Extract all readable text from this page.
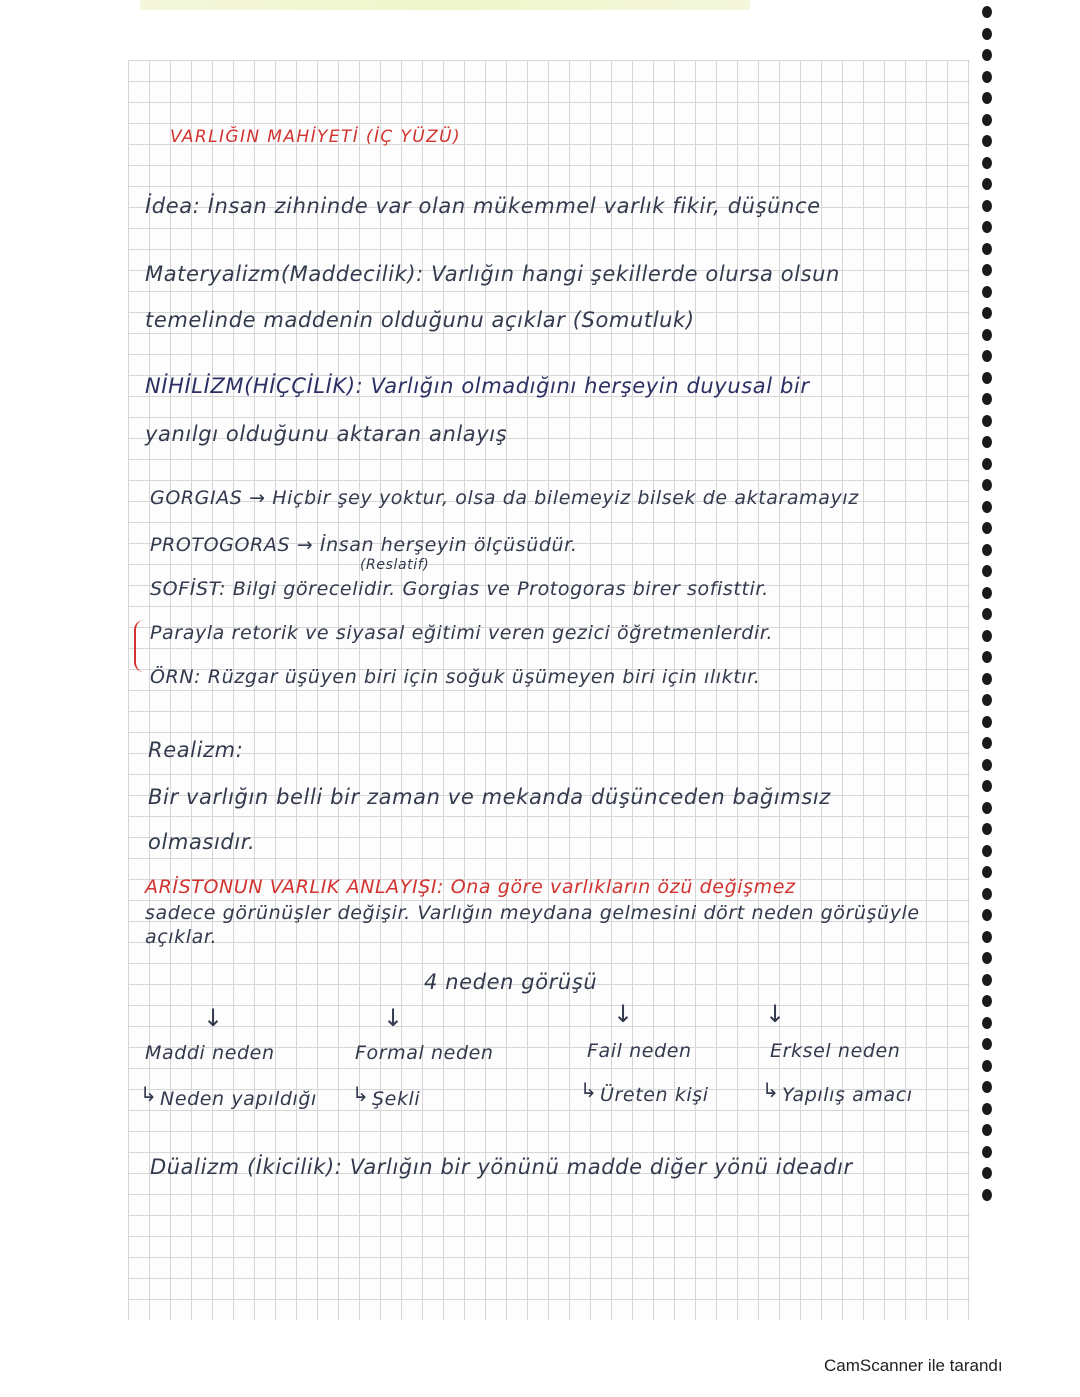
VARLIĞIN MAHİYETİ (İÇ YÜZÜ)
İdea: İnsan zihninde var olan mükemmel varlık fikir, düşünce
Materyalizm(Maddecilik): Varlığın hangi şekillerde olursa olsun
temelinde maddenin olduğunu açıklar (Somutluk)
NİHİLİZM(HİÇÇİLİK): Varlığın olmadığını herşeyin duyusal bir
yanılgı olduğunu aktaran anlayış
GORGIAS → Hiçbir şey yoktur, olsa da bilemeyiz bilsek de aktaramayız
PROTOGORAS → İnsan herşeyin ölçüsüdür.
(Reslatif)
SOFİST: Bilgi görecelidir. Gorgias ve Protogoras birer sofisttir.
Parayla retorik ve siyasal eğitimi veren gezici öğretmenlerdir.
ÖRN: Rüzgar üşüyen biri için soğuk üşümeyen biri için ılıktır.
Realizm:
Bir varlığın belli bir zaman ve mekanda düşünceden bağımsız
olmasıdır.
ARİSTONUN VARLIK ANLAYIŞI: Ona göre varlıkların özü değişmez
sadece görünüşler değişir. Varlığın meydana gelmesini dört neden görüşüyle
açıklar.
4 neden görüşü
↓	↓	↓	↓
Maddi neden	Formal neden	Fail neden	Erksel neden
↳ Neden yapıldığı ↳ Şekli	↳ Üreten kişi	↳ Yapılış amacı
Düalizm (İkicilik): Varlığın bir yönünü madde diğer yönü ideadır
CamScanner ile tarandı
